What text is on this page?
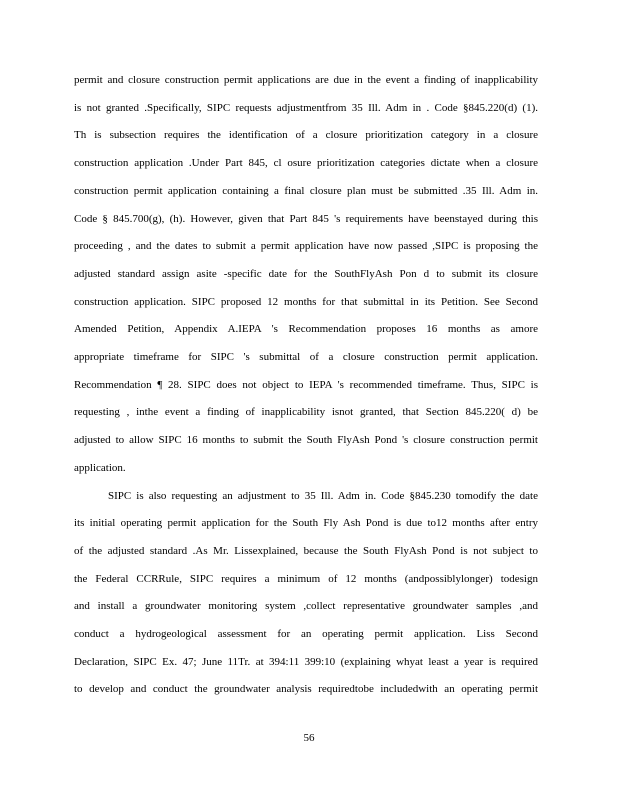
permit and closure construction permit applications are due in the event a finding of inapplicability
is not granted .Specifically, SIPC requests adjustmentfrom 35 Ill. Adm in . Code §845.220(d) (1).
Th is subsection requires the identification of a closure prioritization category in a closure
construction application .Under Part 845, cl osure prioritization categories dictate when a closure
construction permit application containing a final closure plan must be submitted .35 Ill. Adm in.
Code § 845.700(g), (h). However, given that Part 845 's requirements have beenstayed during this
proceeding , and the dates to submit a permit application have now passed ,SIPC is proposing the
adjusted standard assign asite -specific date for the SouthFlyAsh Pon d to submit its closure
construction application. SIPC proposed 12 months for that submittal in its Petition. See Second
Amended Petition, Appendix A.IEPA 's Recommendation proposes 16 months as amore
appropriate timeframe for SIPC 's submittal of a closure construction permit application.
Recommendation ¶ 28. SIPC does not object to IEPA 's recommended timeframe. Thus, SIPC is
requesting , inthe event a finding of inapplicability isnot granted, that Section 845.220( d) be
adjusted to allow SIPC 16 months to submit the South FlyAsh Pond 's closure construction permit
application.
SIPC is also requesting an adjustment to 35 Ill. Adm in. Code §845.230 tomodify the date
its initial operating permit application for the South Fly Ash Pond is due to12 months after entry
of the adjusted standard .As Mr. Lissexplained, because the South FlyAsh Pond is not subject to
the Federal CCRRule, SIPC requires a minimum of 12 months (andpossiblylonger) todesign
and install a groundwater monitoring system ,collect representative groundwater samples ,and
conduct a hydrogeological assessment for an operating permit application. Liss Second
Declaration, SIPC Ex. 47; June 11Tr. at 394:11 399:10 (explaining whyat least a year is required
to develop and conduct the groundwater analysis requiredtobe includedwith an operating permit
56
